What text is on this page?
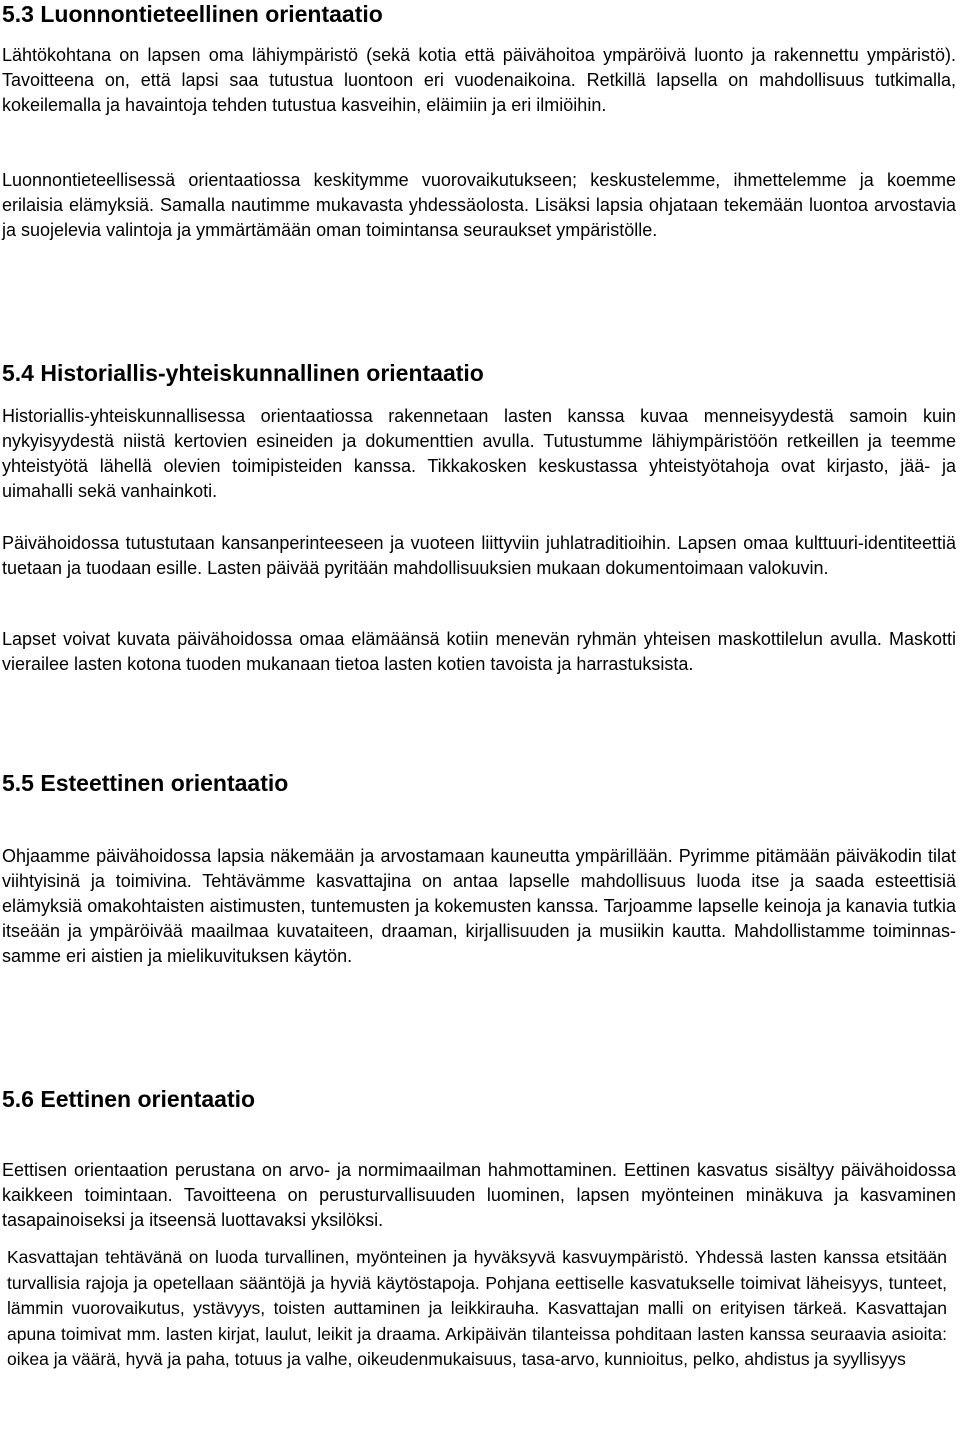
5.3 Luonnontieteellinen orientaatio

Lähtökohtana on lapsen oma lähiympäristö (sekä kotia että päivähoitoa ympäröivä luonto ja rakennettu ympäristö). Tavoitteena on, että lapsi saa tutustua luontoon eri vuodenaikoina. Retkillä lapsella on mahdollisuus tutkimalla, kokeilemalla ja havaintoja tehden tutustua kasveihin, eläimiin ja eri ilmiöihin.

Luonnontieteellisessä orientaatiossa keskitymme vuorovaikutukseen; keskustelemme, ihmettelemme ja koemme erilaisia elämyksiä. Samalla nautimme mukavasta yhdessäolosta. Lisäksi lapsia ohjataan tekemään luontoa arvostavia ja suojelevia valintoja ja ymmärtämään oman toimintansa seuraukset ympäristölle.

5.4 Historiallis-yhteiskunnallinen orientaatio

Historiallis-yhteiskunnallisessa orientaatiossa rakennetaan lasten kanssa kuvaa menneisyydestä samoin kuin nykyisyydestä niistä kertovien esineiden ja dokumenttien avulla. Tutustumme lähiympäristöön retkeillen ja teemme yhteistyötä lähellä olevien toimipisteiden kanssa. Tikkakosken keskustassa yhteistyötahoja ovat kirjasto, jää- ja uimahalli sekä vanhainkoti.

Päivähoidossa tutustutaan kansanperinteeseen ja vuoteen liittyviin juhlatraditioihin. Lapsen omaa kulttuuri-identiteettiä tuetaan ja tuodaan esille. Lasten päivää pyritään mahdollisuuksien mukaan dokumentoimaan valokuvin.

Lapset voivat kuvata päivähoidossa omaa elämäänsä kotiin menevän ryhmän yhteisen maskottilelun avulla. Maskotti vierailee lasten kotona tuoden mukanaan tietoa lasten kotien tavoista ja harrastuksista.

5.5 Esteettinen orientaatio

Ohjaamme päivähoidossa lapsia näkemään ja arvostamaan kauneutta ympärillään. Pyrimme pitämään päiväkodin tilat viihtyisinä ja toimivina. Tehtävämme kasvattajina on antaa lapselle mahdollisuus luoda itse ja saada esteettisiä elämyksiä omakohtaisten aistimusten, tuntemusten ja kokemusten kanssa. Tarjoamme lapselle keinoja ja kanavia tutkia itseään ja ympäröivää maailmaa kuvataiteen, draaman, kirjallisuuden ja musiikin kautta. Mahdollistamme toiminnassamme eri aistien ja mielikuvituksen käytön.

5.6 Eettinen orientaatio

Eettisen orientaation perustana on arvo- ja normimaailman hahmottaminen. Eettinen kasvatus sisältyy päivähoidossa kaikkeen toimintaan. Tavoitteena on perusturvallisuuden luominen, lapsen myönteinen minäkuva ja kasvaminen tasapainoiseksi ja itseensä luottavaksi yksilöksi.

Kasvattajan tehtävänä on luoda turvallinen, myönteinen ja hyväksyvä kasvuympäristö. Yhdessä lasten kanssa etsitään turvallisia rajoja ja opetellaan sääntöjä ja hyviä käytöstapoja. Pohjana eettiselle kasvatukselle toimivat läheisyys, tunteet, lämmin vuorovaikutus, ystävyys, toisten auttaminen ja leikkirauha. Kasvattajan malli on erityisen tärkeä. Kasvattajan apuna toimivat mm. lasten kirjat, laulut, leikit ja draama. Arkipäivän tilanteissa pohditaan lasten kanssa seuraavia asioita: oikea ja väärä, hyvä ja paha, totuus ja valhe, oikeudenmukaisuus, tasa-arvo, kunnioitus, pelko, ahdistus ja syyllisyys
